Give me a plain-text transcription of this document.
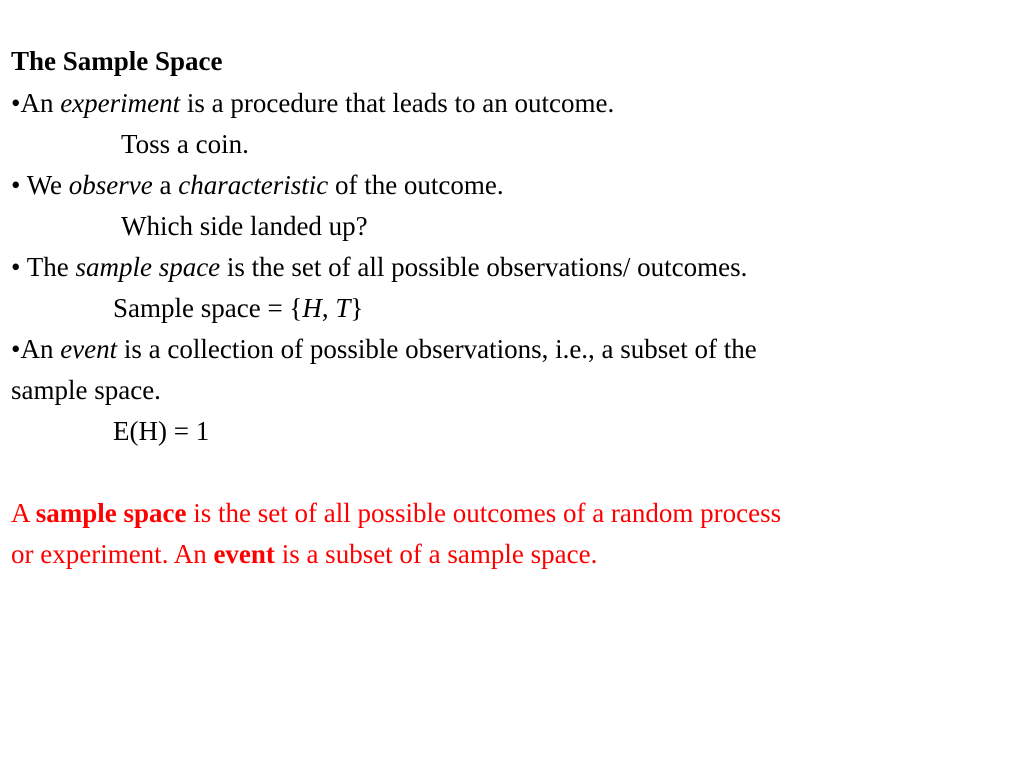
The Sample Space
•An experiment is a procedure that leads to an outcome.
Toss a coin.
• We observe a characteristic of the outcome.
Which side landed up?
• The sample space is the set of all possible observations/ outcomes.
Sample space = {H, T}
•An event is a collection of possible observations, i.e., a subset of the
sample space.
E(H) = 1
A sample space is the set of all possible outcomes of a random process
or experiment. An event is a subset of a sample space.
